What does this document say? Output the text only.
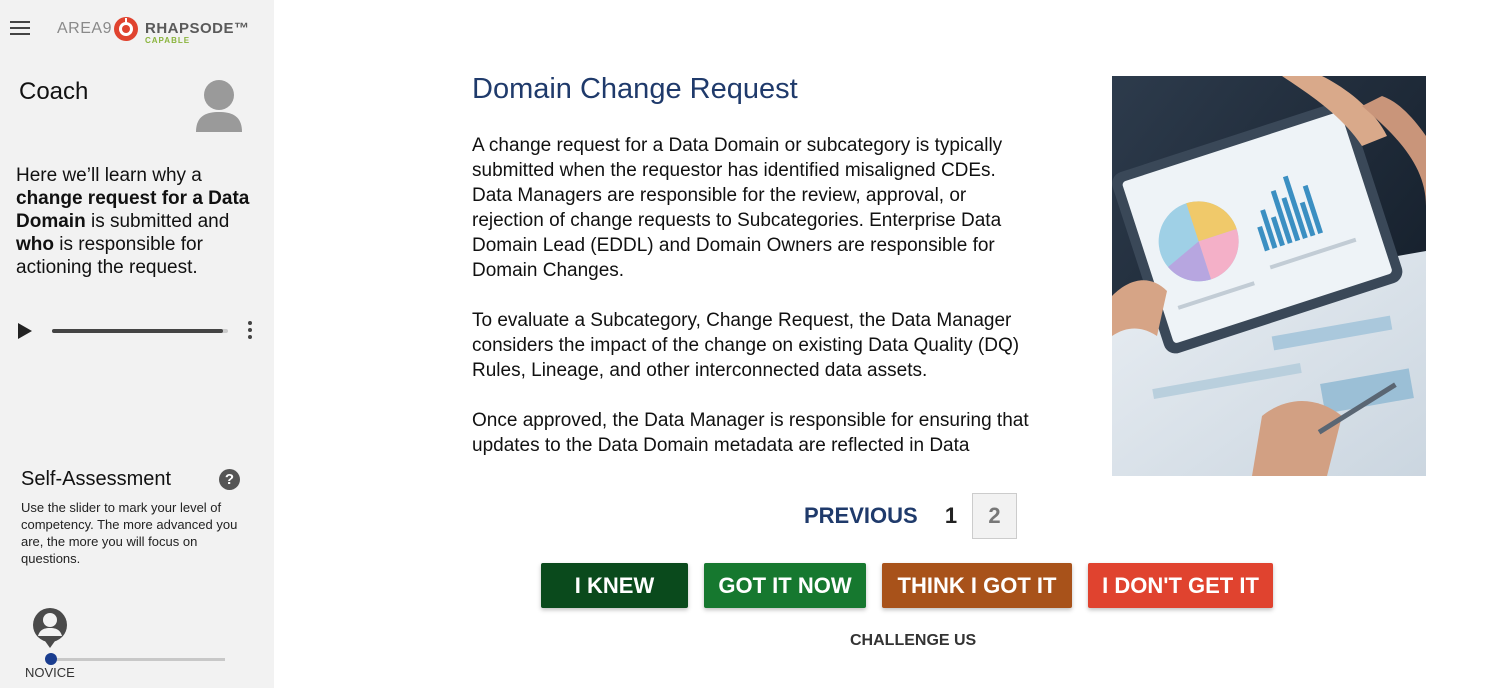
AREA9 RHAPSODE™
CAPABLE
Coach
Here we’ll learn why a change request for a Data Domain is submitted and who is responsible for actioning the request.
Self-Assessment	?
Use the slider to mark your level of competency. The more advanced you are, the more you will focus on questions.
NOVICE
Domain Change Request

A change request for a Data Domain or subcategory is typically submitted when the requestor has identified misaligned CDEs. Data Managers are responsible for the review, approval, or rejection of change requests to Subcategories. Enterprise Data Domain Lead (EDDL) and Domain Owners are responsible for Domain Changes.

To evaluate a Subcategory, Change Request, the Data Manager considers the impact of the change on existing Data Quality (DQ) Rules, Lineage, and other interconnected data assets.

Once approved, the Data Manager is responsible for ensuring that updates to the Data Domain metadata are reflected in Data

PREVIOUS 1	2
I KNEW	GOT IT NOW	THINK I GOT IT	I DON'T GET IT
CHALLENGE US
